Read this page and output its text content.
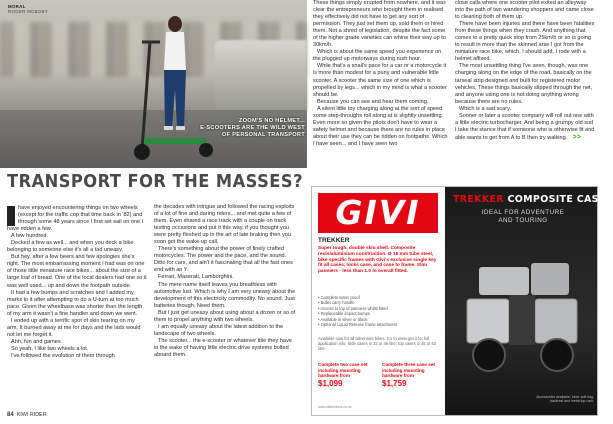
MORAL
ROGER MCBOBY
ZOOM'S NO HELMET...
E-SCOOTERS ARE THE WILD WEST
OF PERSONAL TRANSPORT
TRANSPORT FOR THE MASSES?

have enjoyed encountering things on two wheels (except for the traffic cop that time back in '82) and through some 48 years since I first set sail on one I have ridden a few.

A few hundred.

Decked a few as well... and when you deck a bike belonging to someone else it's all a tad uneasy.

But hey, after a few beers and few apologies she's right. The most embarrassing moment I had was on one of those little miniature race bikes... about the size of a large loaf of bread. One of the local dealers had one so it was well used... up and down the footpath outside.

It had a few bumps and scratches and I added my marks to it after attempting to do a U-turn at too much pace. Given the wheelbase was shorter than the length of my arm it wasn't a fine handler and down we went.

I ended up with a terrific spot of skin tearing on my arm. It burned away at me for days and the lads would not let me forget it.

Ahh, fun and games.

So yeah, I like two wheels a lot.

I've followed the evolution of them through

the decades with intrigue and followed the racing exploits of a lot of fine and daring riders... and met quite a few of them. Even shared a race track with a couple on track testing occasions and put it this way, if you thought you were pretty fleshed up in the art of late braking then you soon got the wake-up call.

There's something about the power of finely crafted motorcycles. The power and the pace, and the sound. Ditto for cars, and ain't it fascinating that all the fast ones end with an 'i'.

Ferrari, Maserati, Lamborghini.

The mere name itself leaves you breathless with automotive lust. Which is why I am very uneasy about the development of this electricity commodity. No sound. Just batteries though. Need them.

But I just get uneasy about using about a dozen or so of them to propel anything with two wheels.

I am equally uneasy about the latest addition to the landscape of two wheels.

The scooter... the e-scooter or whatever title they have in the wake of having little electric drive systems bolted aboard them.

These things simply erupted from nowhere, and it was clear the entrepreneurs who brought them in realised they effectively did not have to get any sort of permission. They just set them up, sold them or hired them. Not a shred of legislation, despite the fact some of the higher grade varieties can whine their way up to 30km/h.

Which is about the same speed you experience on the plugged up motorways during rush hour.

While that's a snail's pace for a car or a motorcycle it is more than modest for a puny and vulnerable little scooter. A scooter the same size of one which is propelled by legs... which in my mind is what a scooter should be.

Because you can see and hear them coming.

A silent little toy charging along at the sort of speed some step-throughs roll along at is slightly unsettling. Even more so given the pilots don't have to wear a safety helmet and because there are no rules in place about their use they can be ridden on footpaths. Which I have seen... and I have seen two

close calls where one scooter pilot exited an alleyway into the path of two wandering shoppers and came close to cleaning both of them up.

There have been injuries and there have been fatalities from these things when they crash. And anything that comes to a pretty quick stop from 25km/h or so is going to result in more than the skinned arse I got from the miniature race bike, which, I should add, I rode with a helmet affixed.

The most unsettling thing I've seen, though, was one charging along on the edge of the road, basically on the tarseal strip designed and built for registered motor vehicles. These things basically slipped through the net, and anyone using one is not doing anything wrong because there are no rules.

Which is a sad scary.

Sooner or later a scooter company will roll out one with a little electric turbocharger. And being a grumpy old sod I take the stance that if someone who is otherwise fit and able wants to get from A to B then try walking. >>

GIVI
TREKKER
Super tough, double skin shell. Composite resin/aluminium construction. Ø 16 mm tube steel, bike specific frames with Givi's exclusive single key fit all cases, locks case, and case to frame. Slim panniers - less than 1.0 m overall fitted.
• Complete water proof
• Bullet carry handle
• Access to top of panniers whilst fitted
• Replaceable impact bumps
• Available in silver or black
• Optional Liquid Release frame attachment
Available now for all adventure bikes. Go to www.givi.it for full application info. Side cases in 33 or 46 litre, top cases in 46 or 52 litre.
Complete two case set including mounting hardware from
$1,099
Complete three case set including mounting hardware from
$1,759
www.bikeriders.co.nz
TREKKER COMPOSITE CASES
IDEAL FOR ADVENTURE
AND TOURING
Accessories available: inner soft bag, backrest and metal top rack.
84 KIWI RIDER
